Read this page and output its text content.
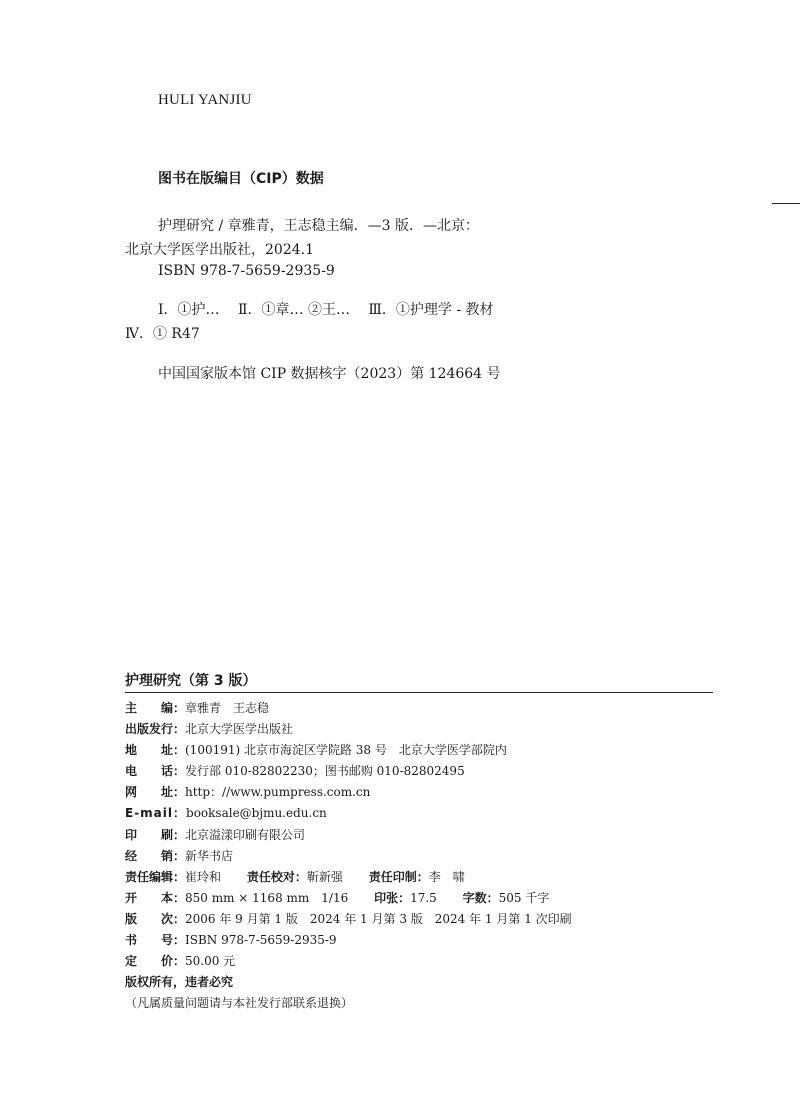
HULI YANJIU
图书在版编目（CIP）数据
护理研究 / 章雅青，王志稳主编．—3 版．—北京：
北京大学医学出版社，2024.1
ISBN 978-7-5659-2935-9
Ⅰ．①护… Ⅱ．①章… ②王… Ⅲ．①护理学 - 教材
Ⅳ．① R47
中国国家版本馆 CIP 数据核字（2023）第 124664 号
护理研究（第 3 版）
主　　编：章雅青　王志稳
出版发行：北京大学医学出版社
地　　址：(100191) 北京市海淀区学院路 38 号　北京大学医学部院内
电　　话：发行部 010-82802230；图书邮购 010-82802495
网　　址：http：//www.pumpress.com.cn
E-mail：booksale@bjmu.edu.cn
印　　刷：北京溢漾印刷有限公司
经　　销：新华书店
责任编辑：崔玲和 责任校对：靳新强 责任印制：李　啸
开　　本：850 mm × 1168 mm　1/16 印张：17.5 字数：505 千字
版　　次：2006 年 9 月第 1 版　2024 年 1 月第 3 版　2024 年 1 月第 1 次印刷
书　　号：ISBN 978-7-5659-2935-9
定　　价：50.00 元
版权所有，违者必究
（凡属质量问题请与本社发行部联系退换）
